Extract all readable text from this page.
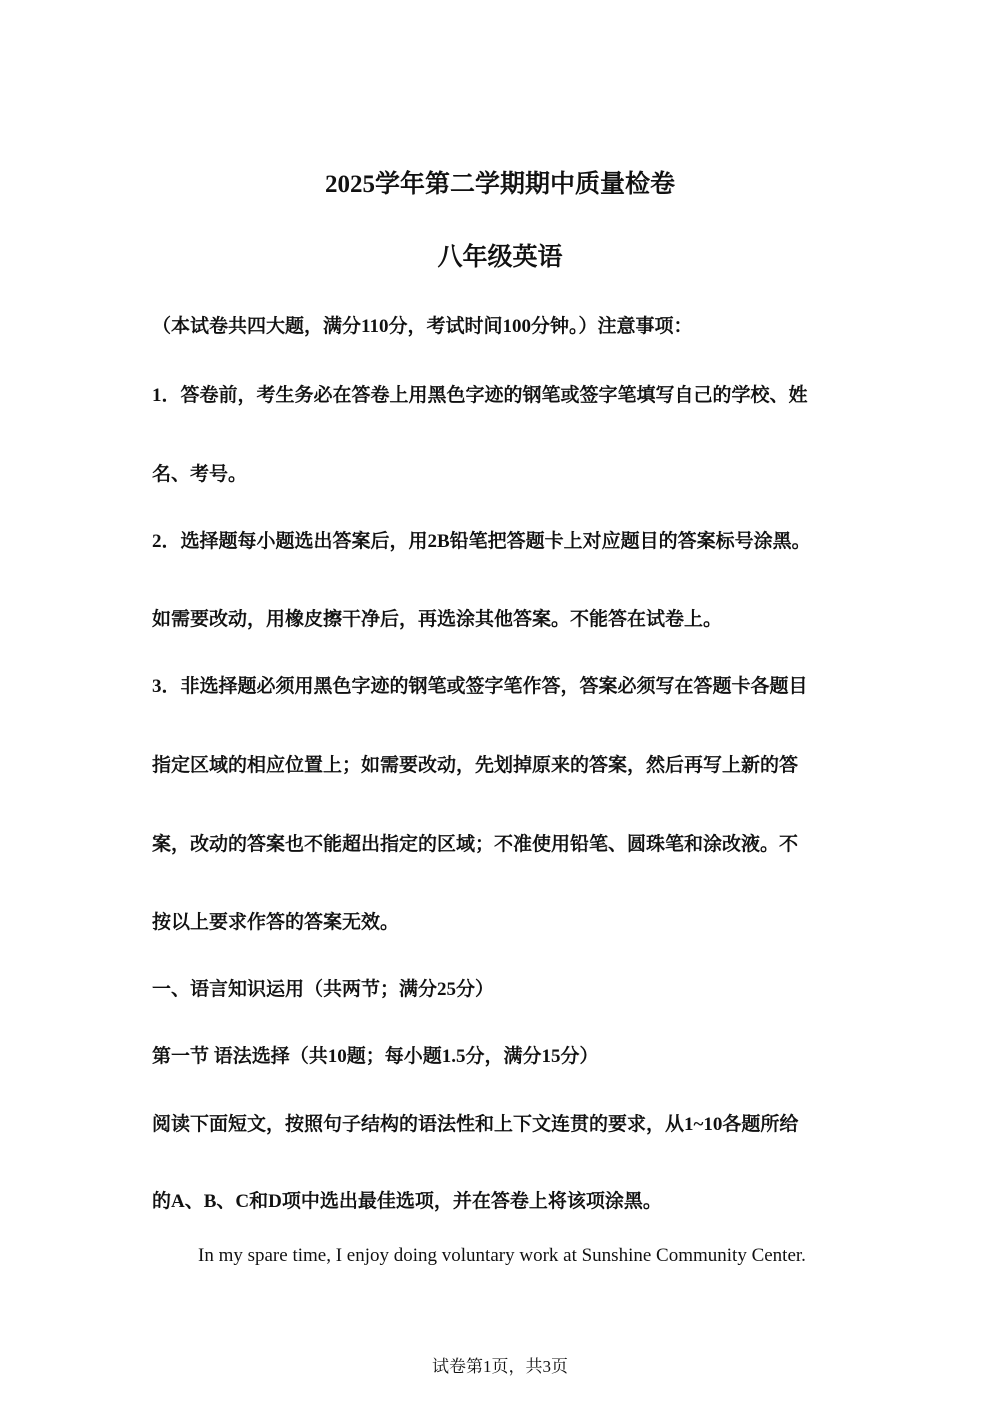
2025学年第二学期期中质量检卷
八年级英语

（本试卷共四大题，满分110分，考试时间100分钟。）注意事项：

1．答卷前，考生务必在答卷上用黑色字迹的钢笔或签字笔填写自己的学校、姓

名、考号。

2．选择题每小题选出答案后，用2B铅笔把答题卡上对应题目的答案标号涂黑。

如需要改动，用橡皮擦干净后，再选涂其他答案。不能答在试卷上。

3．非选择题必须用黑色字迹的钢笔或签字笔作答，答案必须写在答题卡各题目

指定区域的相应位置上；如需要改动，先划掉原来的答案，然后再写上新的答

案，改动的答案也不能超出指定的区域；不准使用铅笔、圆珠笔和涂改液。不

按以上要求作答的答案无效。

一、语言知识运用（共两节；满分25分）

第一节 语法选择（共10题；每小题1.5分，满分15分）

阅读下面短文，按照句子结构的语法性和上下文连贯的要求，从1~10各题所给

的A、B、C和D项中选出最佳选项，并在答卷上将该项涂黑。

In my spare time, I enjoy doing voluntary work at Sunshine Community Center.

试卷第1页，共3页
